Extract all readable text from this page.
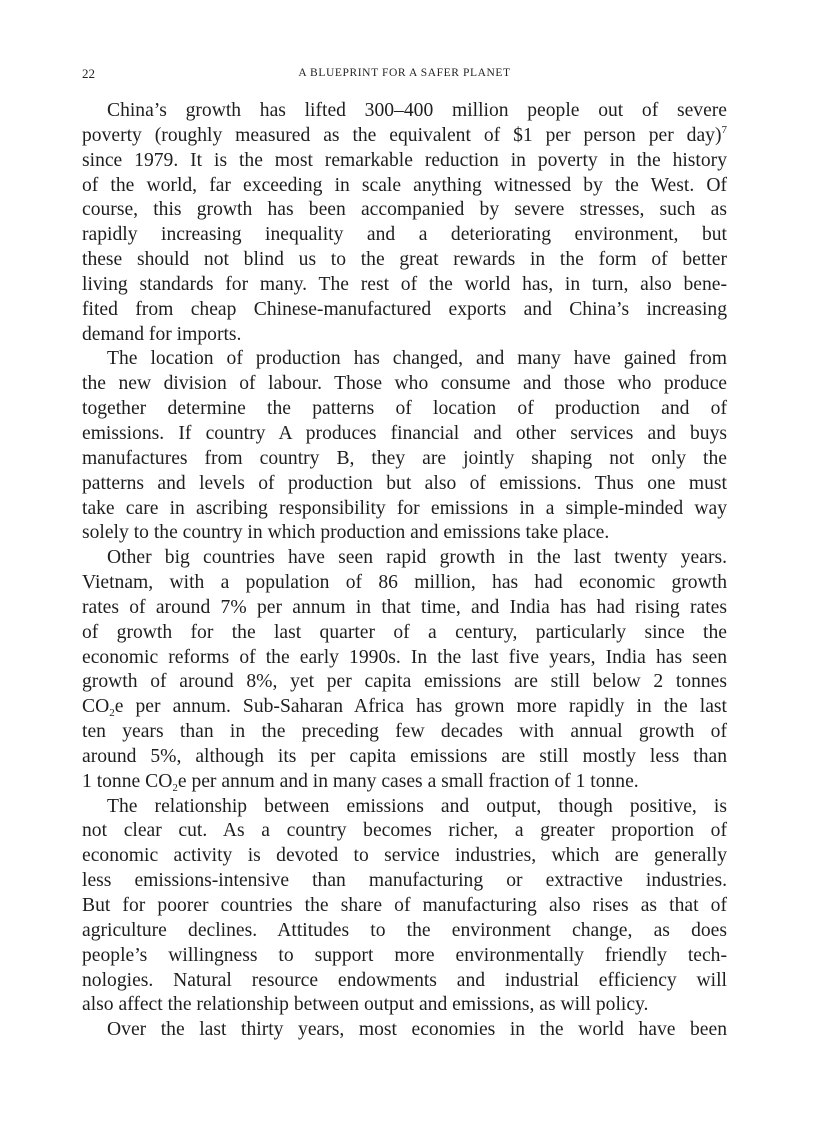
22	A BLUEPRINT FOR A SAFER PLANET
China’s growth has lifted 300–400 million people out of severe
poverty (roughly measured as the equivalent of $1 per person per day)$^7$
since 1979. It is the most remarkable reduction in poverty in the history
of the world, far exceeding in scale anything witnessed by the West. Of
course, this growth has been accompanied by severe stresses, such as
rapidly increasing inequality and a deteriorating environment, but
these should not blind us to the great rewards in the form of better
living standards for many. The rest of the world has, in turn, also bene-
fited from cheap Chinese-manufactured exports and China’s increasing
demand for imports.
The location of production has changed, and many have gained from
the new division of labour. Those who consume and those who produce
together determine the patterns of location of production and of
emissions. If country A produces financial and other services and buys
manufactures from country B, they are jointly shaping not only the
patterns and levels of production but also of emissions. Thus one must
take care in ascribing responsibility for emissions in a simple-minded way
solely to the country in which production and emissions take place.
Other big countries have seen rapid growth in the last twenty years.
Vietnam, with a population of 86 million, has had economic growth
rates of around 7% per annum in that time, and India has had rising rates
of growth for the last quarter of a century, particularly since the
economic reforms of the early 1990s. In the last five years, India has seen
growth of around 8%, yet per capita emissions are still below 2 tonnes
$CO_2e$ per annum. Sub-Saharan Africa has grown more rapidly in the last
ten years than in the preceding few decades with annual growth of
around 5%, although its per capita emissions are still mostly less than
1 tonne $CO_2e$ per annum and in many cases a small fraction of 1 tonne.
The relationship between emissions and output, though positive, is
not clear cut. As a country becomes richer, a greater proportion of
economic activity is devoted to service industries, which are generally
less emissions-intensive than manufacturing or extractive industries.
But for poorer countries the share of manufacturing also rises as that of
agriculture declines. Attitudes to the environment change, as does
people’s willingness to support more environmentally friendly tech-
nologies. Natural resource endowments and industrial efficiency will
also affect the relationship between output and emissions, as will policy.
Over the last thirty years, most economies in the world have been
